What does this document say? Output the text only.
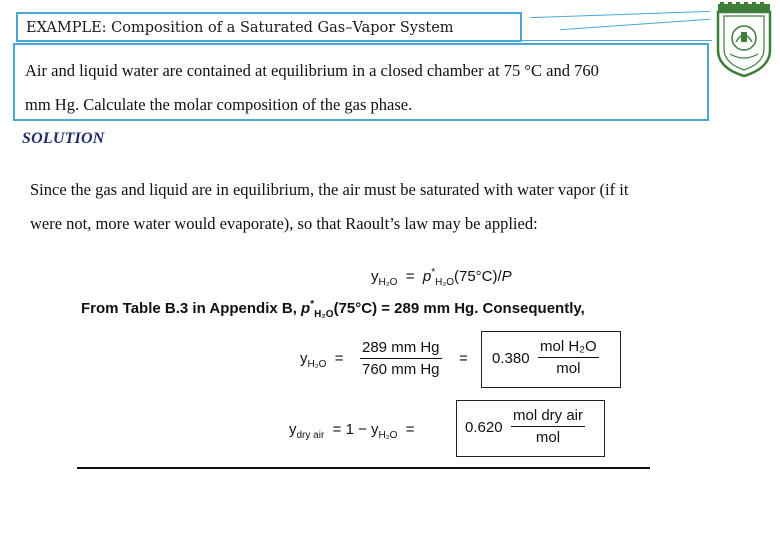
EXAMPLE: Composition of a Saturated Gas–Vapor System
Air and liquid water are contained at equilibrium in a closed chamber at 75 °C and 760
mm Hg. Calculate the molar composition of the gas phase.
SOLUTION
Since the gas and liquid are in equilibrium, the air must be saturated with water vapor (if it
were not, more water would evaporate), so that Raoult’s law may be applied:
$y_{H_2O} = p^*_{H_2O}(75^\circ C)/P$
From Table B.3 in Appendix B, $p^*_{H_2O}(75^\circ C) = 289$ mm Hg. Consequently,
$y_{H_2O} = \frac{\text{289 mm Hg}}{\text{760 mm Hg}} = 0.380$
mol H₂O
mol
$y_{dry air} = 1 - y_{H_2O}$ =	0.620
mol dry air
mol
